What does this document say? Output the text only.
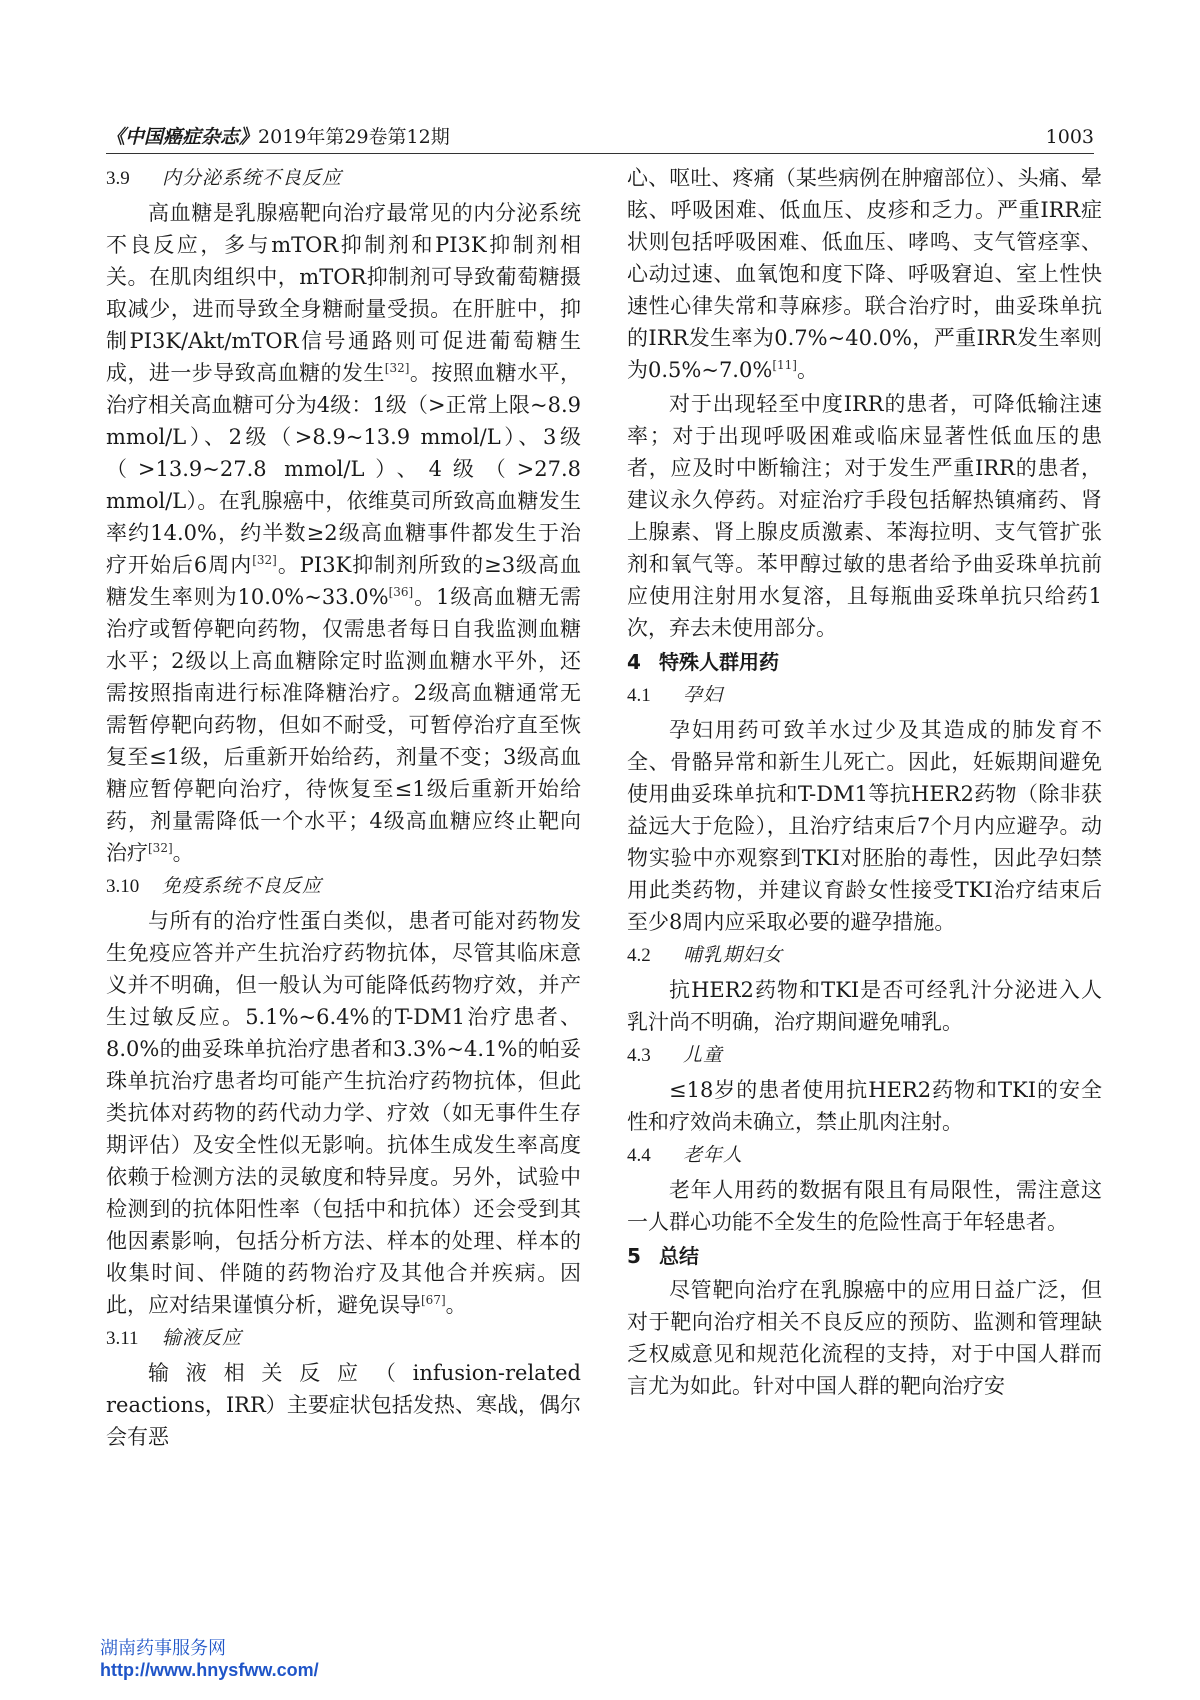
《中国癌症杂志》2019年第29卷第12期	1003
3.9 内分泌系统不良反应

高血糖是乳腺癌靶向治疗最常见的内分泌系统不良反应，多与mTOR抑制剂和PI3K抑制剂相关。在肌肉组织中，mTOR抑制剂可导致葡萄糖摄取减少，进而导致全身糖耐量受损。在肝脏中，抑制PI3K/Akt/mTOR信号通路则可促进葡萄糖生成，进一步导致高血糖的发生[32]。按照血糖水平，治疗相关高血糖可分为4级：1级（>正常上限~8.9 mmol/L）、2级（>8.9~13.9 mmol/L）、3级（>13.9~27.8 mmol/L）、4级（>27.8 mmol/L）。在乳腺癌中，依维莫司所致高血糖发生率约14.0%，约半数≥2级高血糖事件都发生于治疗开始后6周内[32]。PI3K抑制剂所致的≥3级高血糖发生率则为10.0%~33.0%[36]。1级高血糖无需治疗或暂停靶向药物，仅需患者每日自我监测血糖水平；2级以上高血糖除定时监测血糖水平外，还需按照指南进行标准降糖治疗。2级高血糖通常无需暂停靶向药物，但如不耐受，可暂停治疗直至恢复至≤1级，后重新开始给药，剂量不变；3级高血糖应暂停靶向治疗，待恢复至≤1级后重新开始给药，剂量需降低一个水平；4级高血糖应终止靶向治疗[32]。

3.10 免疫系统不良反应

与所有的治疗性蛋白类似，患者可能对药物发生免疫应答并产生抗治疗药物抗体，尽管其临床意义并不明确，但一般认为可能降低药物疗效，并产生过敏反应。5.1%~6.4%的T-DM1治疗患者、8.0%的曲妥珠单抗治疗患者和3.3%~4.1%的帕妥珠单抗治疗患者均可能产生抗治疗药物抗体，但此类抗体对药物的药代动力学、疗效（如无事件生存期评估）及安全性似无影响。抗体生成发生率高度依赖于检测方法的灵敏度和特异度。另外，试验中检测到的抗体阳性率（包括中和抗体）还会受到其他因素影响，包括分析方法、样本的处理、样本的收集时间、伴随的药物治疗及其他合并疾病。因此，应对结果谨慎分析，避免误导[67]。

3.11 输液反应

输液相关反应（infusion-related reactions，IRR）主要症状包括发热、寒战，偶尔会有恶

心、呕吐、疼痛（某些病例在肿瘤部位）、头痛、晕眩、呼吸困难、低血压、皮疹和乏力。严重IRR症状则包括呼吸困难、低血压、哮鸣、支气管痉挛、心动过速、血氧饱和度下降、呼吸窘迫、室上性快速性心律失常和荨麻疹。联合治疗时，曲妥珠单抗的IRR发生率为0.7%~40.0%，严重IRR发生率则为0.5%~7.0%[11]。

对于出现轻至中度IRR的患者，可降低输注速率；对于出现呼吸困难或临床显著性低血压的患者，应及时中断输注；对于发生严重IRR的患者，建议永久停药。对症治疗手段包括解热镇痛药、肾上腺素、肾上腺皮质激素、苯海拉明、支气管扩张剂和氧气等。苯甲醇过敏的患者给予曲妥珠单抗前应使用注射用水复溶，且每瓶曲妥珠单抗只给药1次，弃去未使用部分。

4 特殊人群用药
4.1 孕妇

孕妇用药可致羊水过少及其造成的肺发育不全、骨骼异常和新生儿死亡。因此，妊娠期间避免使用曲妥珠单抗和T-DM1等抗HER2药物（除非获益远大于危险），且治疗结束后7个月内应避孕。动物实验中亦观察到TKI对胚胎的毒性，因此孕妇禁用此类药物，并建议育龄女性接受TKI治疗结束后至少8周内应采取必要的避孕措施。

4.2 哺乳期妇女

抗HER2药物和TKI是否可经乳汁分泌进入人乳汁尚不明确，治疗期间避免哺乳。

4.3 儿童

≤18岁的患者使用抗HER2药物和TKI的安全性和疗效尚未确立，禁止肌肉注射。

4.4 老年人

老年人用药的数据有限且有局限性，需注意这一人群心功能不全发生的危险性高于年轻患者。

5 总结

尽管靶向治疗在乳腺癌中的应用日益广泛，但对于靶向治疗相关不良反应的预防、监测和管理缺乏权威意见和规范化流程的支持，对于中国人群而言尤为如此。针对中国人群的靶向治疗安

湖南药事服务网
http://www.hnysfww.com/
